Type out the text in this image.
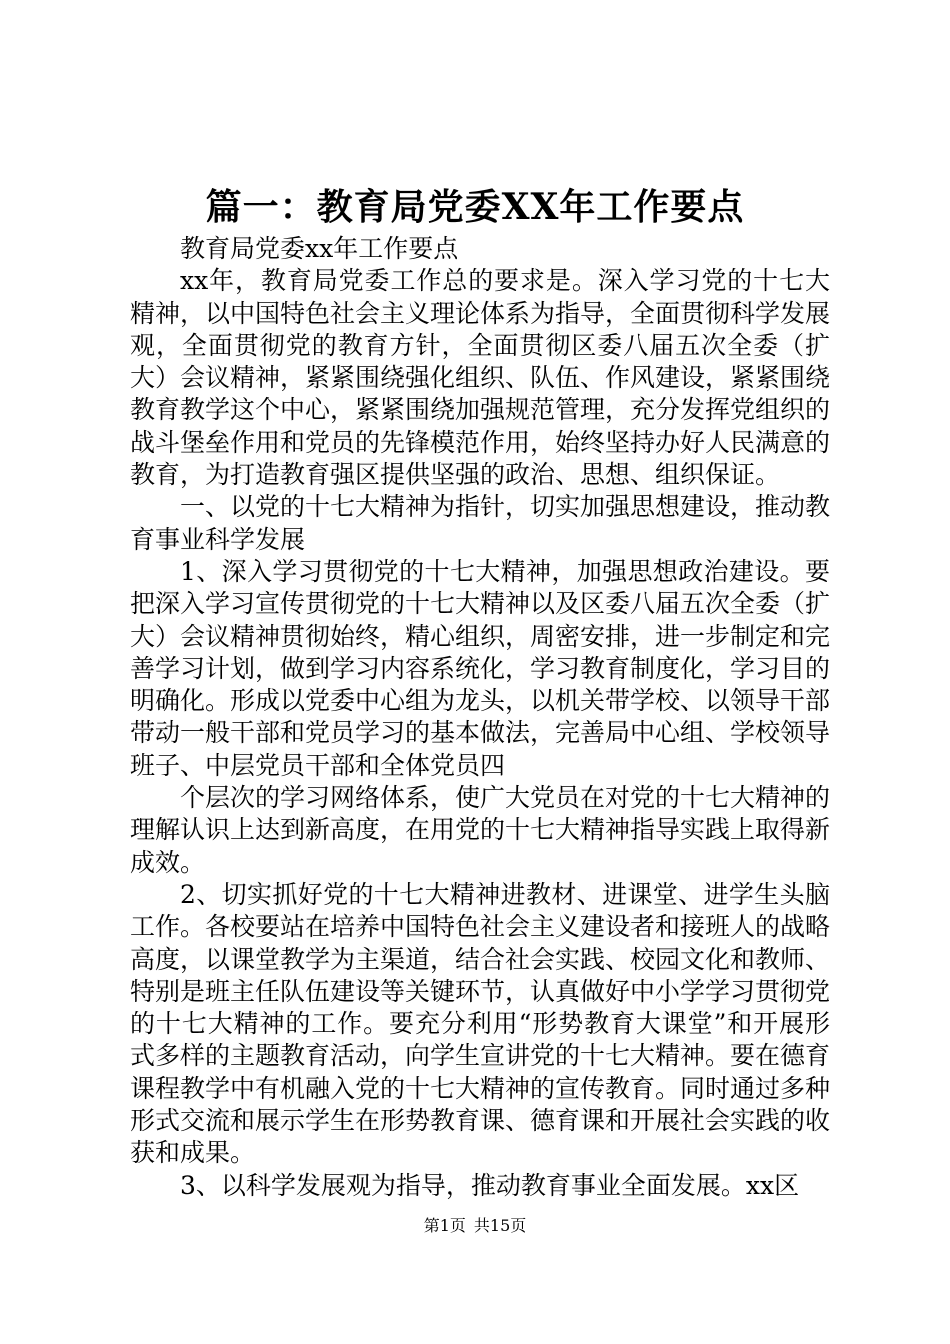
篇一：教育局党委XX年工作要点

教育局党委xx年工作要点

xx年，教育局党委工作总的要求是。深入学习党的十七大精神，以中国特色社会主义理论体系为指导，全面贯彻科学发展观，全面贯彻党的教育方针，全面贯彻区委八届五次全委（扩大）会议精神，紧紧围绕强化组织、队伍、作风建设，紧紧围绕教育教学这个中心，紧紧围绕加强规范管理，充分发挥党组织的战斗堡垒作用和党员的先锋模范作用，始终坚持办好人民满意的教育，为打造教育强区提供坚强的政治、思想、组织保证。

一、以党的十七大精神为指针，切实加强思想建设，推动教育事业科学发展

1、深入学习贯彻党的十七大精神，加强思想政治建设。要把深入学习宣传贯彻党的十七大精神以及区委八届五次全委（扩大）会议精神贯彻始终，精心组织，周密安排，进一步制定和完善学习计划，做到学习内容系统化，学习教育制度化，学习目的明确化。形成以党委中心组为龙头，以机关带学校、以领导干部带动一般干部和党员学习的基本做法，完善局中心组、学校领导班子、中层党员干部和全体党员四

个层次的学习网络体系，使广大党员在对党的十七大精神的理解认识上达到新高度，在用党的十七大精神指导实践上取得新成效。

2、切实抓好党的十七大精神进教材、进课堂、进学生头脑工作。各校要站在培养中国特色社会主义建设者和接班人的战略高度，以课堂教学为主渠道，结合社会实践、校园文化和教师、特别是班主任队伍建设等关键环节，认真做好中小学学习贯彻党的十七大精神的工作。要充分利用“形势教育大课堂”和开展形式多样的主题教育活动，向学生宣讲党的十七大精神。要在德育课程教学中有机融入党的十七大精神的宣传教育。同时通过多种形式交流和展示学生在形势教育课、德育课和开展社会实践的收获和成果。

3、以科学发展观为指导，推动教育事业全面发展。xx区

第1页 共15页
